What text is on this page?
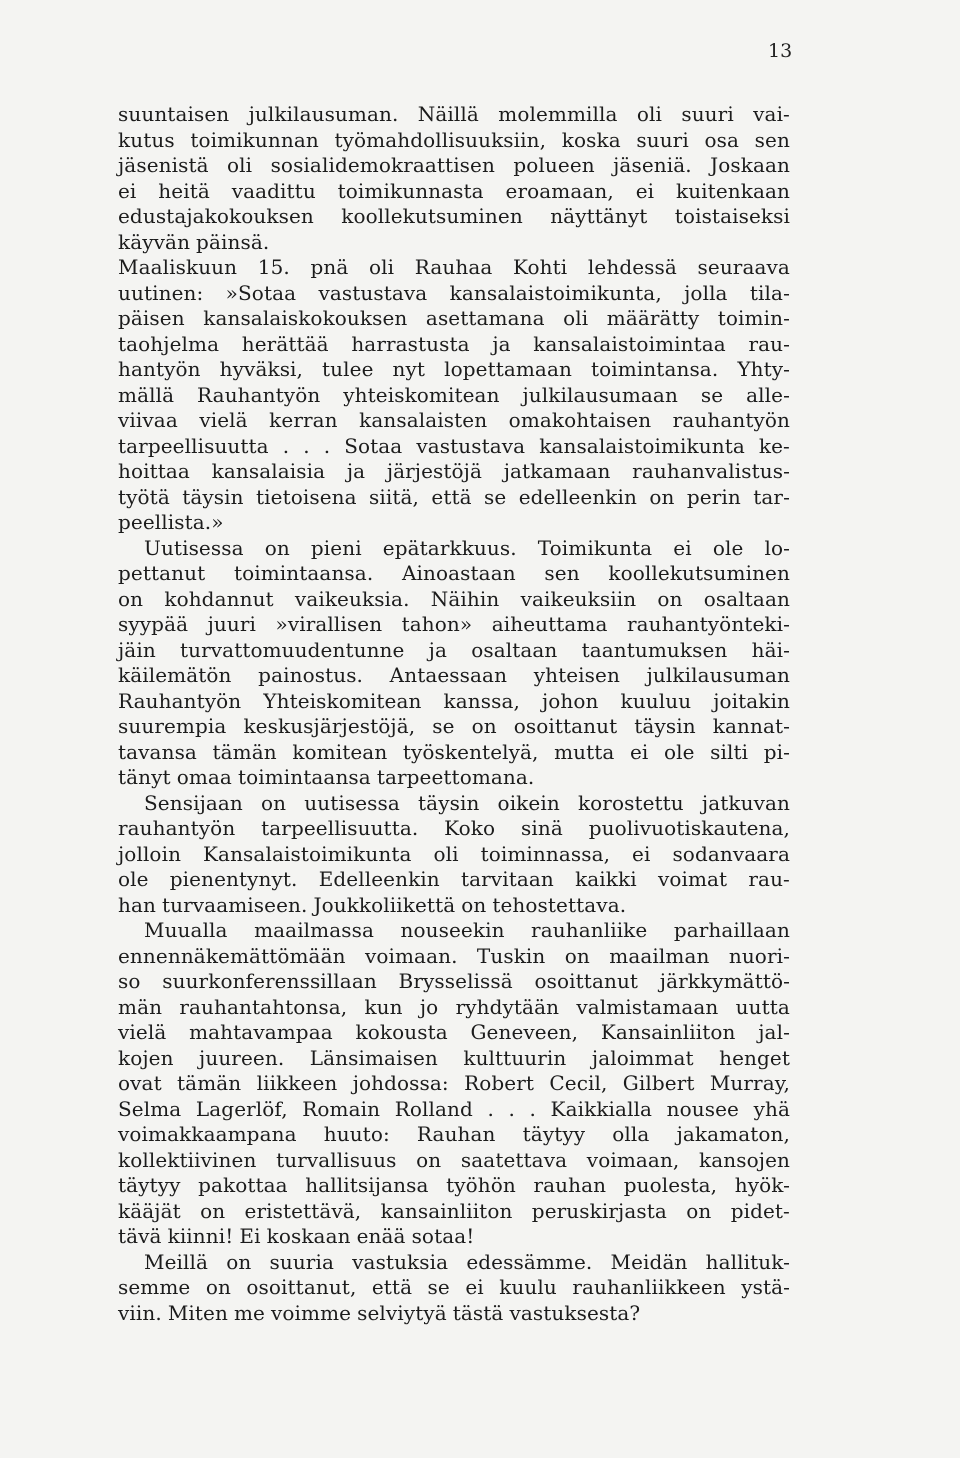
13
suuntaisen julkilausuman. Näillä molemmilla oli suuri vai-
kutus toimikunnan työmahdollisuuksiin, koska suuri osa sen
jäsenistä oli sosialidemokraattisen polueen jäseniä. Joskaan
ei heitä vaadittu toimikunnasta eroamaan, ei kuitenkaan
edustajakokouksen koollekutsuminen näyttänyt toistaiseksi
käyvän päinsä.
Maaliskuun 15. pnä oli Rauhaa Kohti lehdessä seuraava
uutinen: »Sotaa vastustava kansalaistoimikunta, jolla tila-
päisen kansalaiskokouksen asettamana oli määrätty toimin-
taohjelma herättää harrastusta ja kansalaistoimintaa rau-
hantyön hyväksi, tulee nyt lopettamaan toimintansa. Yhty-
mällä Rauhantyön yhteiskomitean julkilausumaan se alle-
viivaa vielä kerran kansalaisten omakohtaisen rauhantyön
tarpeellisuutta . . . Sotaa vastustava kansalaistoimikunta ke-
hoittaa kansalaisia ja järjestöjä jatkamaan rauhanvalistus-
työtä täysin tietoisena siitä, että se edelleenkin on perin tar-
peellista.»
Uutisessa on pieni epätarkkuus. Toimikunta ei ole lo-
pettanut toimintaansa. Ainoastaan sen koollekutsuminen
on kohdannut vaikeuksia. Näihin vaikeuksiin on osaltaan
syypää juuri »virallisen tahon» aiheuttama rauhantyönteki-
jäin turvattomuudentunne ja osaltaan taantumuksen häi-
käilemätön painostus. Antaessaan yhteisen julkilausuman
Rauhantyön Yhteiskomitean kanssa, johon kuuluu joitakin
suurempia keskusjärjestöjä, se on osoittanut täysin kannat-
tavansa tämän komitean työskentelyä, mutta ei ole silti pi-
tänyt omaa toimintaansa tarpeettomana.
Sensijaan on uutisessa täysin oikein korostettu jatkuvan
rauhantyön tarpeellisuutta. Koko sinä puolivuotiskautena,
jolloin Kansalaistoimikunta oli toiminnassa, ei sodanvaara
ole pienentynyt. Edelleenkin tarvitaan kaikki voimat rau-
han turvaamiseen. Joukkoliikettä on tehostettava.
Muualla maailmassa nouseekin rauhanliike parhaillaan
ennennäkemättömään voimaan. Tuskin on maailman nuori-
so suurkonferenssillaan Brysselissä osoittanut järkkymättö-
män rauhantahtonsa, kun jo ryhdytään valmistamaan uutta
vielä mahtavampaa kokousta Geneveen, Kansainliiton jal-
kojen juureen. Länsimaisen kulttuurin jaloimmat henget
ovat tämän liikkeen johdossa: Robert Cecil, Gilbert Murray,
Selma Lagerlöf, Romain Rolland . . . Kaikkialla nousee yhä
voimakkaampana huuto: Rauhan täytyy olla jakamaton,
kollektiivinen turvallisuus on saatettava voimaan, kansojen
täytyy pakottaa hallitsijansa työhön rauhan puolesta, hyök-
kääjät on eristettävä, kansainliiton peruskirjasta on pidet-
tävä kiinni! Ei koskaan enää sotaa!
Meillä on suuria vastuksia edessämme. Meidän hallituk-
semme on osoittanut, että se ei kuulu rauhanliikkeen ystä-
viin. Miten me voimme selviytyä tästä vastuksesta?
